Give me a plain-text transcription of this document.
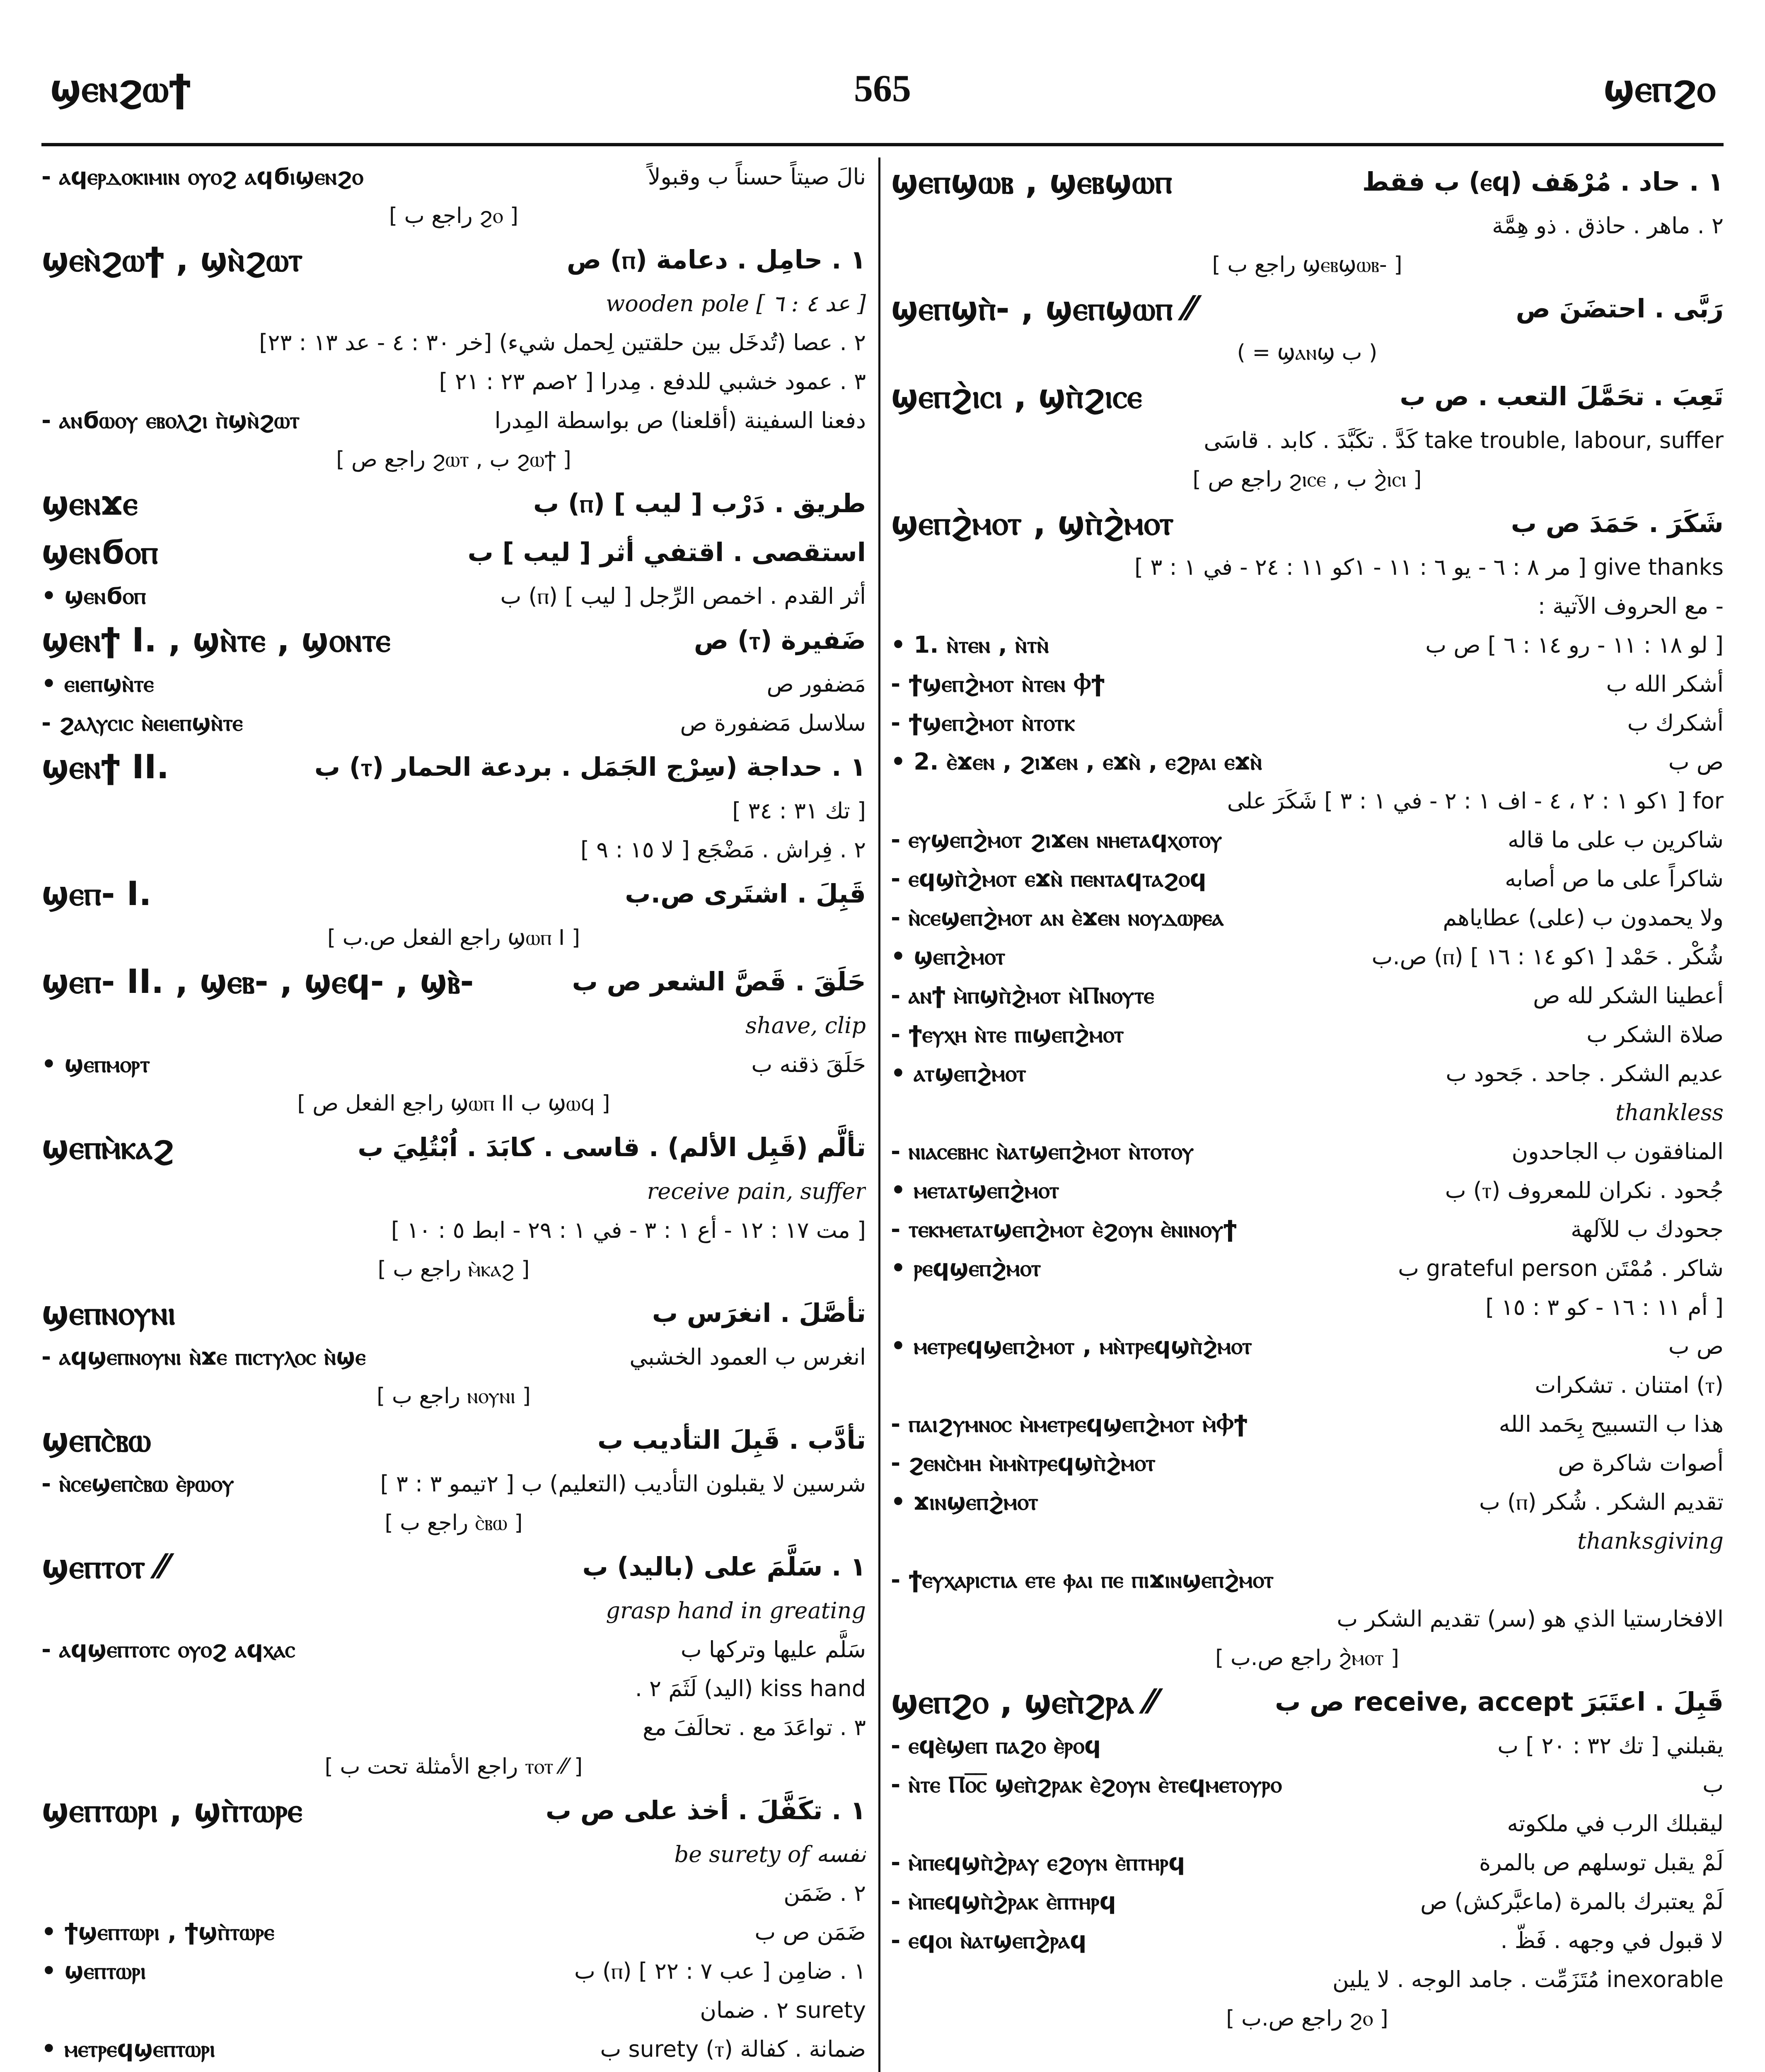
ϣⲉⲛϩⲱϯ	565	ϣⲉⲡϩⲟ
- ⲁϥⲉⲣⲇⲟⲕⲓⲙⲓⲛ ⲟⲩⲟϩ ⲁϥϭⲓϣⲉⲛϩⲟ	نالَ صيتاً حسناً ب وقبولاً
[ راجع ب ϩⲟ ]
ϣⲉⲛ̀ϩⲱϯ , ϣⲛ̀ϩⲱⲧ	١ . حامِل . دعامة (ⲡ) ص
wooden pole [ عد ٤ : ٦ ]
٢ . عصا (تُدخَل بين حلقتين لِحمل شيء) [خر ٣٠ : ٤ - عد ١٣ : ٢٣]
٣ . عمود خشبي للدفع . مِدرا [ ٢صم ٢٣ : ٢١ ]
- ⲁⲛϭⲱⲟⲩ ⲉⲃⲟⲗϩⲓ ⲡ̀ϣⲛ̀ϩⲱⲧ	دفعنا السفينة (أقلعنا) ص بواسطة المِدرا
[ راجع ص ϩⲱⲧ , ب ϩⲱϯ ]
ϣⲉⲛϫⲉ	طريق . دَرْب [ ليب ] (ⲡ) ب
ϣⲉⲛϭⲟⲡ	استقصى . اقتفي أثر [ ليب ] ب
• ϣⲉⲛϭⲟⲡ	أثر القدم . اخمص الرِّجل [ ليب ] (ⲡ) ب
ϣⲉⲛϯ I. , ϣⲛ̀ⲧⲉ , ϣⲟⲛⲧⲉ	ضَفيرة (ⲧ) ص
• ⲉⲓⲉⲡϣⲛ̀ⲧⲉ	مَضفور ص
- ϩⲁⲗⲩⲥⲓⲥ ⲛ̀ⲉⲓⲉⲡϣⲛ̀ⲧⲉ	سلاسل مَضفورة ص
ϣⲉⲛϯ II.	١ . حداجة (سِرْج الجَمَل . بردعة الحمار (ⲧ) ب
[ تك ٣١ : ٣٤ ]
٢ . فِراش . مَضْجَع [ لا ١٥ : ٩ ]
ϣⲉⲡ- I.	قَبِلَ . اشتَرى ص.ب
[ راجع الفعل ص.ب ϣⲱⲡ I ]
ϣⲉⲡ- II. , ϣⲉⲃ- , ϣⲉϥ- , ϣⲃ̀-	حَلَقَ . قَصَّ الشعر ص ب
shave, clip
• ϣⲉⲡⲙⲟⲣⲧ	حَلَقَ ذقنه ب
[ راجع الفعل ص ϣⲱⲡ II ب ϣⲱϥ ]
ϣⲉⲡⲙ̀ⲕⲁϩ	تألَّم (قَبِل الألم) . قاسى . كابَدَ . اُبْتُلِيَ ب
receive pain, suffer
[ مت ١٧ : ١٢ - أع ١ : ٣ - في ١ : ٢٩ - ابط ٥ : ١٠ ]
[ راجع ب ⲙ̀ⲕⲁϩ ]
ϣⲉⲡⲛⲟⲩⲛⲓ	تأصَّلَ . انغرَس ب
- ⲁϥϣⲉⲡⲛⲟⲩⲛⲓ ⲛ̀ϫⲉ ⲡⲓⲥⲧⲩⲗⲟⲥ ⲛ̀ϣⲉ	انغرس ب العمود الخشبي
[ راجع ب ⲛⲟⲩⲛⲓ ]
ϣⲉⲡⲥ̀ⲃⲱ	تأدَّب . قَبِلَ التأديب ب
- ⲛ̀ⲥⲉϣⲉⲡⲥ̀ⲃⲱ ⲉ̀ⲣⲱⲟⲩ	شرسين لا يقبلون التأديب (التعليم) ب [ ٢تيمو ٣ : ٣ ]
[ راجع ب ⲥ̀ⲃⲱ ]
ϣⲉⲡⲧⲟⲧ ⁄⁄	١ . سَلَّمَ على (باليد) ب
grasp hand in greating
- ⲁϥϣⲉⲡⲧⲟⲧⲥ ⲟⲩⲟϩ ⲁϥⲭⲁⲥ	سَلَّم عليها وتركها ب
kiss hand (اليد) لَثَمَ ٢ .
٣ . تواعَدَ مع . تحالَفَ مع
[ راجع الأمثلة تحت ب ⲧⲟⲧ ⁄⁄ ]
ϣⲉⲡⲧⲱⲣⲓ , ϣⲡ̀ⲧⲱⲣⲉ	١ . تكَفَّلَ . أخذ على ص ب
be surety of نفسه
٢ . ضَمَن
• ϯϣⲉⲡⲧⲱⲣⲓ , ϯϣⲡ̀ⲧⲱⲣⲉ	ضَمَن ص ب
• ϣⲉⲡⲧⲱⲣⲓ	١ . ضامِن [ عب ٧ : ٢٢ ] (ⲡ) ب
surety ٢ . ضمان
• ⲙⲉⲧⲣⲉϥϣⲉⲡⲧⲱⲣⲓ	ضمانة . كفالة surety (ⲧ) ب
ϣⲉⲡϣⲱⲃ , ϣⲉⲃϣⲱⲡ	١ . حاد . مُرْهَف (ⲉϥ) ب فقط
٢ . ماهر . حاذق . ذو هِمَّة
[ راجع ب ϣⲉⲃϣⲱⲃ- ]
ϣⲉⲡϣⲡ̀- , ϣⲉⲡϣⲱⲡ ⁄⁄	رَبَّى . احتضَنَ ص
( = ϣⲁⲛϣ ب )
ϣⲉⲡϩ̀ⲓⲥⲓ , ϣⲡ̀ϩⲓⲥⲉ	تَعِبَ . تحَمَّلَ التعب . ص ب
take trouble, labour, suffer كَدَّ . تكَبَّدَ . كابد . قاسَى
[ راجع ص ϩⲓⲥⲉ , ب ϩ̀ⲓⲥⲓ ]
ϣⲉⲡϩ̀ⲙⲟⲧ , ϣⲡ̀ϩ̀ⲙⲟⲧ	شَكَرَ . حَمَدَ ص ب
give thanks [ مر ٨ : ٦ - يو ٦ : ١١ - ١كو ١١ : ٢٤ - في ١ : ٣ ]
- مع الحروف الآتية :
• 1. ⲛ̀ⲧⲉⲛ , ⲛ̀ⲧⲛ̀	[ لو ١٨ : ١١ - رو ١٤ : ٦ ] ص ب
- ϯϣⲉⲡϩ̀ⲙⲟⲧ ⲛ̀ⲧⲉⲛ Ⲫϯ	أشكر الله ب
- ϯϣⲉⲡϩ̀ⲙⲟⲧ ⲛ̀ⲧⲟⲧⲕ	أشكرك ب
• 2. ⲉ̀ϫⲉⲛ , ϩⲓϫⲉⲛ , ⲉϫⲛ̀ , ⲉϩⲣⲁⲓ ⲉϫⲛ̀	ص ب
for [ ١كو ١ : ٢ ، ٤ - اف ١ : ٢ - في ١ : ٣ ] شَكَرَ على
- ⲉⲩϣⲉⲡϩ̀ⲙⲟⲧ ϩⲓϫⲉⲛ ⲛⲏⲉⲧⲁϥⲭⲟⲧⲟⲩ	شاكرين ب على ما قاله
- ⲉϥϣⲡ̀ϩ̀ⲙⲟⲧ ⲉϫⲛ̀ ⲡⲉⲛⲧⲁϥⲧⲁϩⲟϥ	شاكراً على ما ص أصابه
- ⲛ̀ⲥⲉϣⲉⲡϩ̀ⲙⲟⲧ ⲁⲛ ⲉ̀ϫⲉⲛ ⲛⲟⲩⲇⲱⲣⲉⲁ	ولا يحمدون ب (على) عطاياهم
• ϣⲉⲡϩ̀ⲙⲟⲧ	شُكْر . حَمْد [ ١كو ١٤ : ١٦ ] (ⲡ) ص.ب
- ⲁⲛϯ ⲙ̀ⲡϣⲡ̀ϩ̀ⲙⲟⲧ ⲙ̀Ⲡⲛⲟⲩⲧⲉ	أعطينا الشكر لله ص
- ϯⲉⲩⲭⲏ ⲛ̀ⲧⲉ ⲡⲓϣⲉⲡϩ̀ⲙⲟⲧ	صلاة الشكر ب
• ⲁⲧϣⲉⲡϩ̀ⲙⲟⲧ	عديم الشكر . جاحد . جَحود ب
thankless
- ⲛⲓⲁⲥⲉⲃⲏⲥ ⲛ̀ⲁⲧϣⲉⲡϩ̀ⲙⲟⲧ ⲛ̀ⲧⲟⲧⲟⲩ	المنافقون ب الجاحدون
• ⲙⲉⲧⲁⲧϣⲉⲡϩ̀ⲙⲟⲧ	جُحود . نكران للمعروف (ⲧ) ب
- ⲧⲉⲕⲙⲉⲧⲁⲧϣⲉⲡϩ̀ⲙⲟⲧ ⲉ̀ϩⲟⲩⲛ ⲉ̀ⲛⲓⲛⲟⲩϯ	جحودك ب للآلهة
• ⲣⲉϥϣⲉⲡϩ̀ⲙⲟⲧ	شاكر . مُمْتَن grateful person ب
[ أم ١١ : ١٦ - كو ٣ : ١٥ ]
• ⲙⲉⲧⲣⲉϥϣⲉⲡϩ̀ⲙⲟⲧ , ⲙⲛ̀ⲧⲣⲉϥϣⲡ̀ϩ̀ⲙⲟⲧ	ص ب
(ⲧ) امتنان . تشكرات
- ⲡⲁⲓϩⲩⲙⲛⲟⲥ ⲙ̀ⲙⲉⲧⲣⲉϥϣⲉⲡϩ̀ⲙⲟⲧ ⲙ̀Ⲫϯ	هذا ب التسبيح بِحَمد الله
- ϩⲉⲛⲥ̀ⲙⲏ ⲙ̀ⲙⲛ̀ⲧⲣⲉϥϣⲡ̀ϩ̀ⲙⲟⲧ	أصوات شاكرة ص
• ϫⲓⲛϣⲉⲡϩ̀ⲙⲟⲧ	تقديم الشكر . شُكر (ⲡ) ب
thanksgiving
- ϯⲉⲩⲭⲁⲣⲓⲥⲧⲓⲁ ⲉⲧⲉ ⲫⲁⲓ ⲡⲉ ⲡⲓϫⲓⲛϣⲉⲡϩ̀ⲙⲟⲧ
الافخارستيا الذي هو (سر) تقديم الشكر ب
[ راجع ص.ب ϩ̀ⲙⲟⲧ ]
ϣⲉⲡϩⲟ , ϣⲉⲡ̀ϩⲣⲁ ⁄⁄	قَبِلَ . اعتَبَرَ receive, accept ص ب
- ⲉϥⲉ̀ϣⲉⲡ ⲡⲁϩⲟ ⲉ̀ⲣⲟϥ	يقبلني [ تك ٣٢ : ٢٠ ] ب
- ⲛ̀ⲧⲉ Ⲡⲟ̅ⲥ̅ ϣⲉⲡ̀ϩⲣⲁⲕ ⲉ̀ϩⲟⲩⲛ ⲉ̀ⲧⲉϥⲙⲉⲧⲟⲩⲣⲟ	ب
ليقبلك الرب في ملكوته
- ⲙ̀ⲡⲉϥϣⲡ̀ϩ̀ⲣⲁⲩ ⲉϩⲟⲩⲛ ⲉ̀ⲡⲧⲏⲣϥ	لَمْ يقبل توسلهم ص بالمرة
- ⲙ̀ⲡⲉϥϣⲡ̀ϩ̀ⲣⲁⲕ ⲉ̀ⲡⲧⲏⲣϥ	لَمْ يعتبرك بالمرة (ماعبَّركش) ص
- ⲉϥⲟⲓ ⲛ̀ⲁⲧϣⲉⲡϩ̀ⲣⲁϥ	لا قبول في وجهه . فَظّ .
inexorable مُتَزَمِّت . جامد الوجه . لا يلين
[ راجع ص.ب ϩⲟ ]
